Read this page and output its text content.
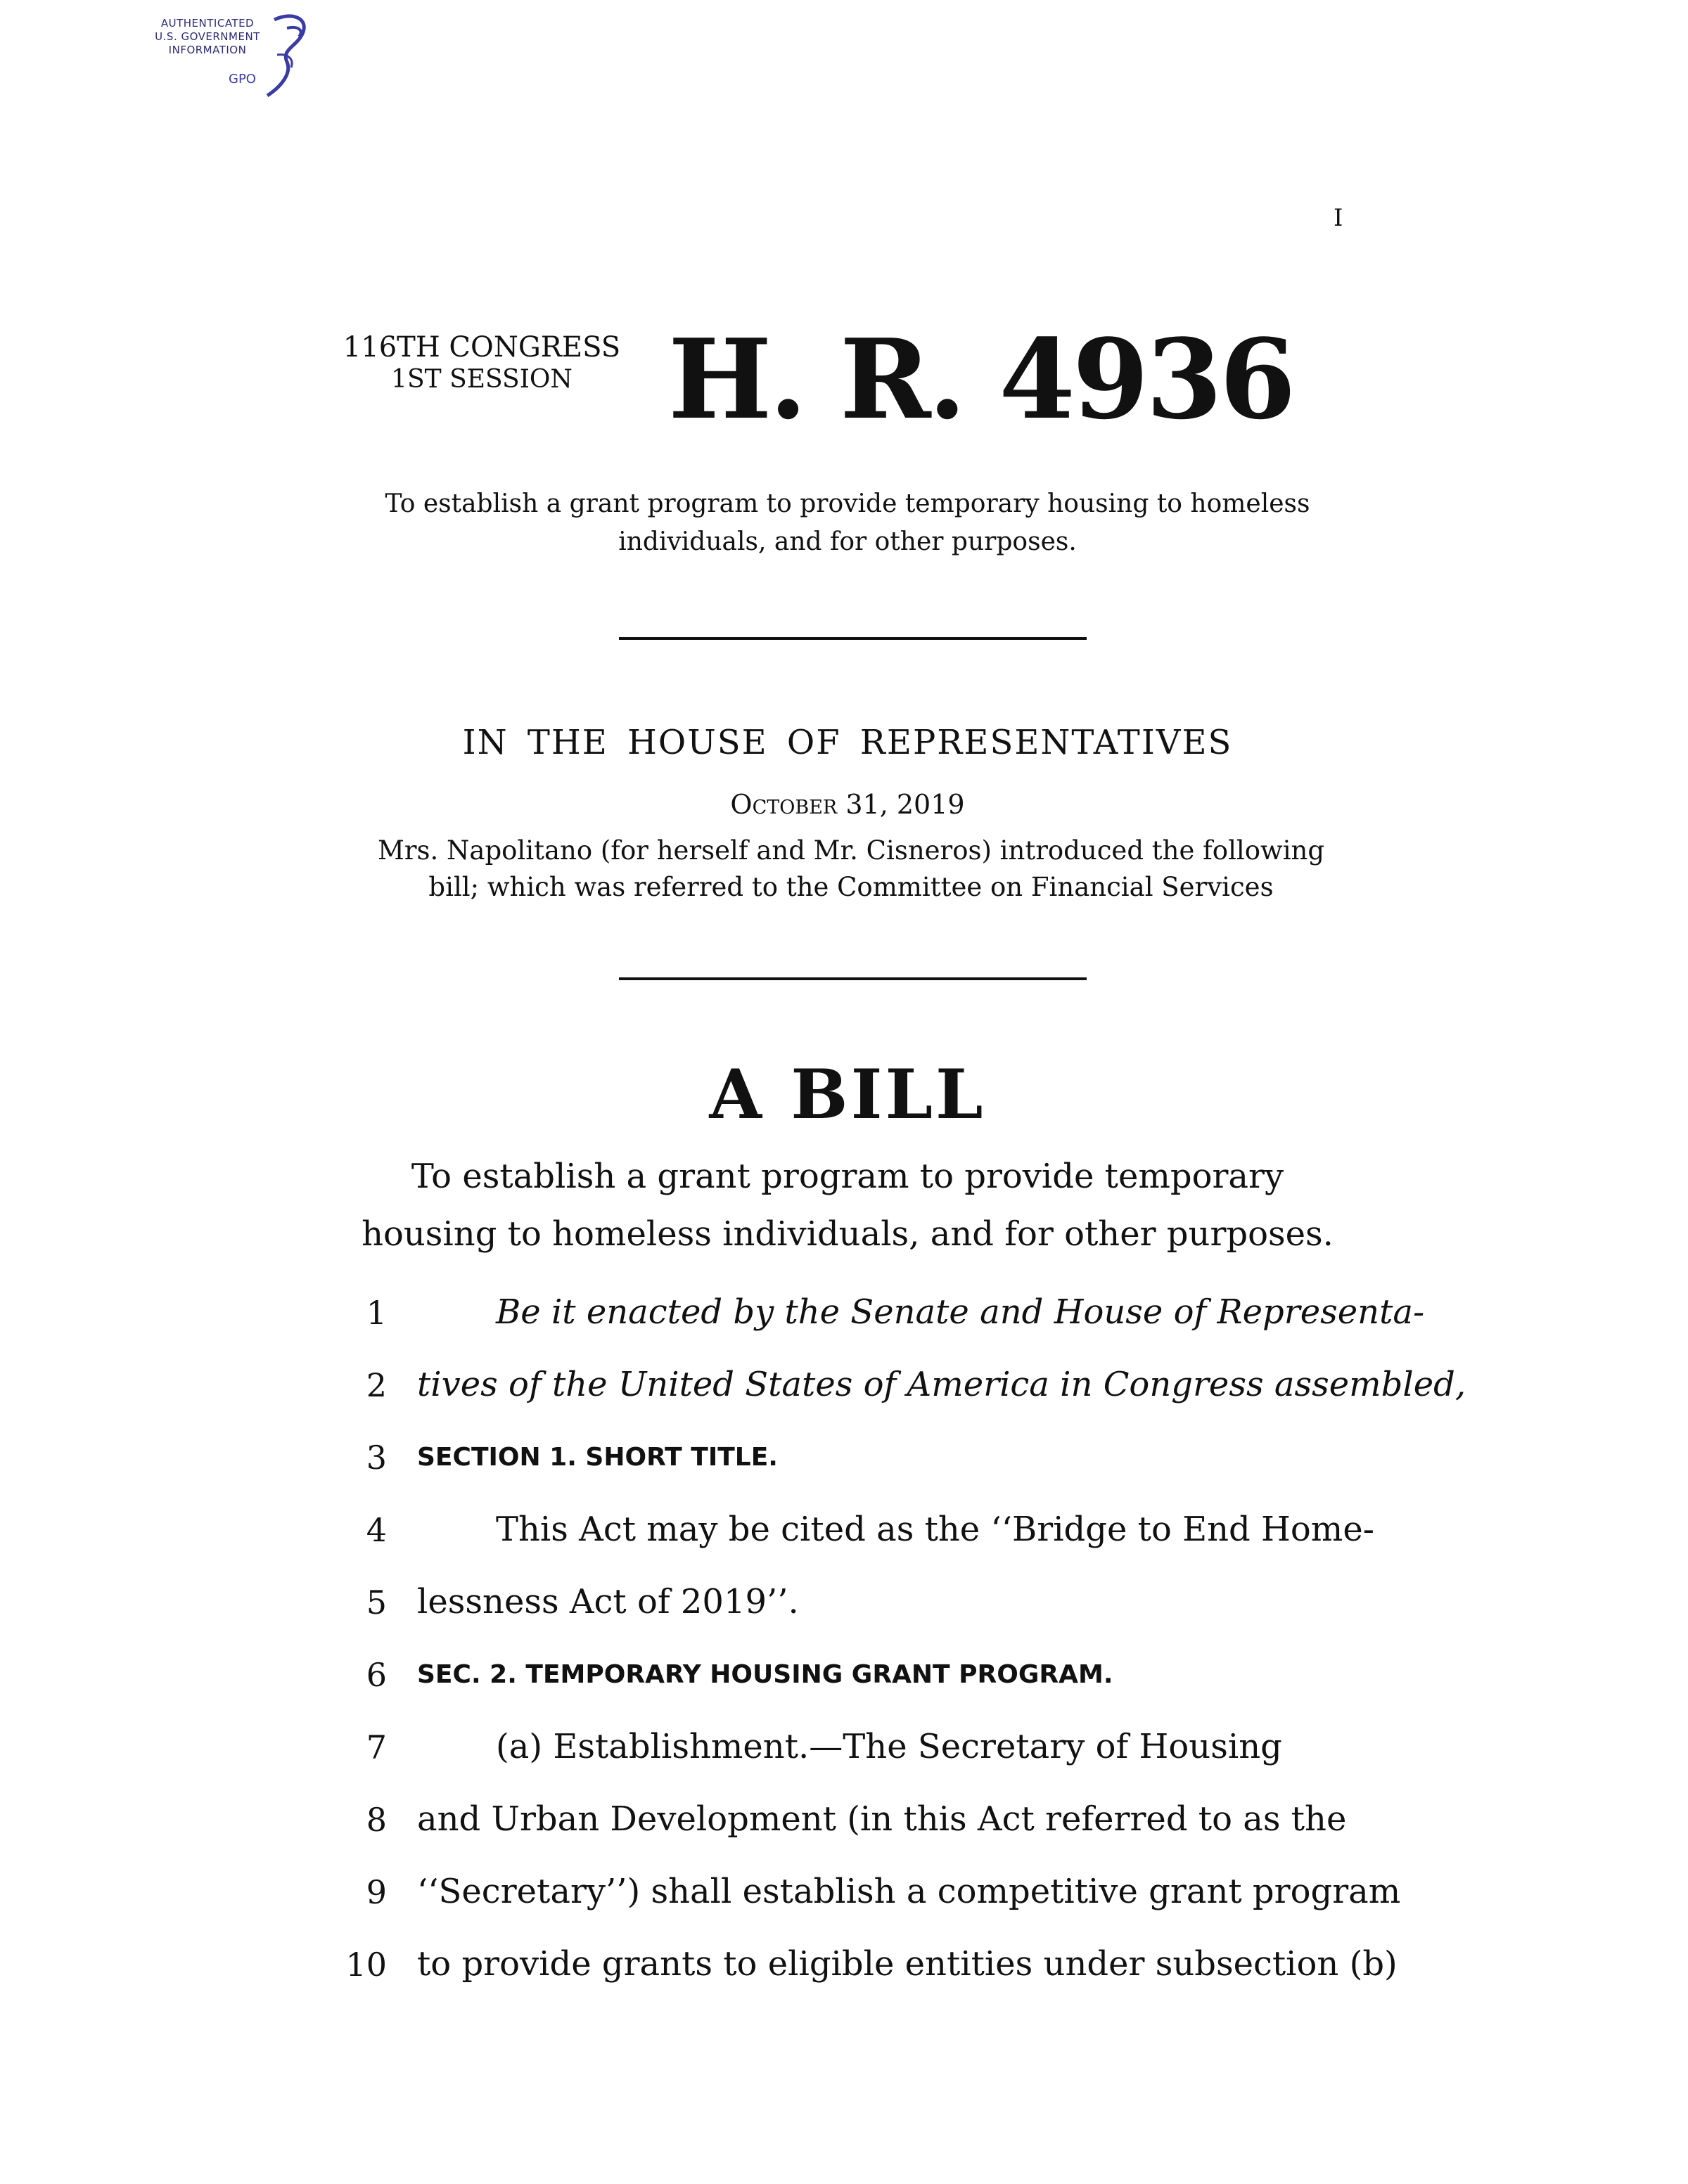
AUTHENTICATED
U.S. GOVERNMENT
INFORMATION
GPO
I
116TH CONGRESS
1ST SESSION H. R. 4936
To establish a grant program to provide temporary housing to homeless individuals, and for other purposes.
IN THE HOUSE OF REPRESENTATIVES
October 31, 2019
Mrs. Napolitano (for herself and Mr. Cisneros) introduced the following bill; which was referred to the Committee on Financial Services
A BILL
To establish a grant program to provide temporary housing to homeless individuals, and for other purposes.
1	Be it enacted by the Senate and House of Representa-
2 tives of the United States of America in Congress assembled,
3 SECTION 1. SHORT TITLE.
4	This Act may be cited as the ‘‘Bridge to End Home-
5 lessness Act of 2019’’.
6 SEC. 2. TEMPORARY HOUSING GRANT PROGRAM.
7	(a) Establishment.—The Secretary of Housing
8 and Urban Development (in this Act referred to as the
9 ‘‘Secretary’’) shall establish a competitive grant program
10 to provide grants to eligible entities under subsection (b)
